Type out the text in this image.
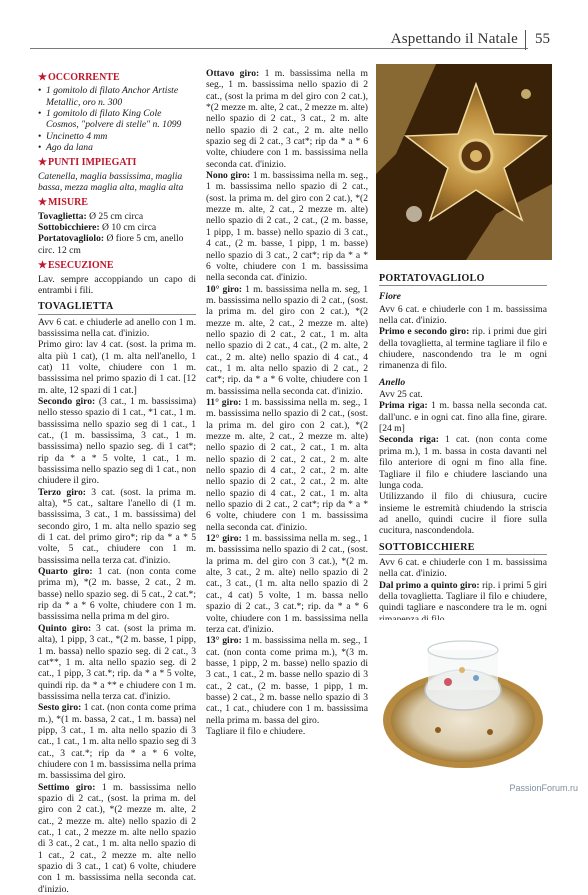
Aspettando il Natale 55
★OCCORRENTE
• 1 gomitolo di filato Anchor Artiste Metallic, oro n. 300
• 1 gomitolo di filato King Cole Cosmos, "polvere di stelle" n. 1099
• Uncinetto 4 mm
• Ago da lana
★PUNTI IMPIEGATI
Catenella, maglia bassissima, maglia bassa, mezza maglia alta, maglia alta
★MISURE
Tovaglietta: Ø 25 cm circa
Sottobicchiere: Ø 10 cm circa
Portatovagliolo: Ø fiore 5 cm, anello circ. 12 cm
★ESECUZIONE

Lav. sempre accoppiando un capo di entrambi i fili.

TOVAGLIETTA

Avv 6 cat. e chiuderle ad anello con 1 m. bassissima nella cat. d'inizio.

Primo giro: lav 4 cat. (sost. la prima m. alta più 1 cat), (1 m. alta nell'anello, 1 cat) 11 volte, chiudere con 1 m. bassissima nel primo spazio di 1 cat. [12 m. alte, 12 spazi di 1 cat.]

Secondo giro: (3 cat., 1 m. bassissima) nello stesso spazio di 1 cat., *1 cat., 1 m. bassissima nello spazio seg di 1 cat., 1 cat., (1 m. bassissima, 3 cat., 1 m. bassissima) nello spazio seg. di 1 cat*; rip da * a * 5 volte, 1 cat., 1 m. bassissima nello spazio seg di 1 cat., non chiudere il giro.

Terzo giro: 3 cat. (sost. la prima m. alta), *5 cat., saltare l'anello di (1 m. bassissima, 3 cat., 1 m. bassissima) del secondo giro, 1 m. alta nello spazio seg di 1 cat. del primo giro*; rip da * a * 5 volte, 5 cat., chiudere con 1 m. bassissima nella terza cat. d'inizio.

Quarto giro: 1 cat. (non conta come prima m), *(2 m. basse, 2 cat., 2 m. basse) nello spazio seg. di 5 cat., 2 cat.*; rip da * a * 6 volte, chiudere con 1 m. bassissima nella prima m del giro.

Quinto giro: 3 cat. (sost la prima m. alta), 1 pipp, 3 cat., *(2 m. basse, 1 pipp, 1 m. bassa) nello spazio seg. di 2 cat., 3 cat**, 1 m. alta nello spazio seg. di 2 cat., 1 pipp, 3 cat.*; rip. da * a * 5 volte, quindi rip. da * a ** e chiudere con 1 m. bassissima nella terza cat. d'inizio.

Sesto giro: 1 cat. (non conta come prima m.), *(1 m. bassa, 2 cat., 1 m. bassa) nel pipp, 3 cat., 1 m. alta nello spazio di 3 cat., 1 cat., 1 m. alta nello spazio seg di 3 cat., 3 cat.*; rip da * a * 6 volte, chiudere con 1 m. bassissima nella prima m. bassissima del giro.

Settimo giro: 1 m. bassissima nello spazio di 2 cat., (sost. la prima m. del giro con 2 cat.), *(2 mezze m. alte, 2 cat., 2 mezze m. alte) nello spazio di 2 cat., 1 cat., 2 mezze m. alte nello spazio di 3 cat., 2 cat., 1 m. alta nello spazio di 1 cat., 2 cat., 2 mezze m. alte nello spazio di 3 cat., 1 cat) 6 volte, chiudere con 1 m. bassissima nella seconda cat. d'inizio.

Ottavo giro: 1 m. bassissima nella m seg., 1 m. bassissima nello spazio di 2 cat., (sost la prima m del giro con 2 cat.), *(2 mezze m. alte, 2 cat., 2 mezze m. alte) nello spazio di 2 cat., 3 cat., 2 m. alte nello spazio di 2 cat., 2 m. alte nello spazio seg di 2 cat., 3 cat*; rip da * a * 6 volte, chiudere con 1 m. bassissima nella seconda cat. d'inizio.

Nono giro: 1 m. bassissima nella m. seg., 1 m. bassissima nello spazio di 2 cat., (sost. la prima m. del giro con 2 cat.), *(2 mezze m. alte, 2 cat., 2 mezze m. alte) nello spazio di 2 cat., 2 cat., (2 m. basse, 1 pipp, 1 m. basse) nello spazio di 3 cat., 4 cat., (2 m. basse, 1 pipp, 1 m. basse) nello spazio di 3 cat., 2 cat*; rip da * a * 6 volte, chiudere con 1 m. bassissima nella seconda cat. d'inizio.

10° giro: 1 m. bassissima nella m. seg, 1 m. bassissima nello spazio di 2 cat., (sost. la prima m. del giro con 2 cat.), *(2 mezze m. alte, 2 cat., 2 mezze m. alte) nello spazio di 2 cat., 2 cat., 1 m. alta nello spazio di 2 cat., 4 cat., (2 m. alte, 2 cat., 2 m. alte) nello spazio di 4 cat., 4 cat., 1 m. alta nello spazio di 2 cat., 2 cat*; rip. da * a * 6 volte, chiudere con 1 m. bassissima nella seconda cat. d'inizio.

11° giro: 1 m. bassissima nella m. seg., 1 m. bassissima nello spazio di 2 cat., (sost. la prima m. del giro con 2 cat.), *(2 mezze m. alte, 2 cat., 2 mezze m. alte) nello spazio di 2 cat., 2 cat., 1 m. alta nello spazio di 2 cat., 2 cat., 2 m. alte nello spazio di 4 cat., 2 cat., 2 m. alte nello spazio di 2 cat., 2 cat., 2 m. alte nello spazio di 4 cat., 2 cat., 1 m. alta nello spazio di 2 cat., 2 cat*; rip da * a * 6 volte, chiudere con 1 m. bassissima nella seconda cat. d'inizio.

12° giro: 1 m. bassissima nella m. seg., 1 m. bassissima nello spazio di 2 cat., (sost. la prima m. del giro con 3 cat.), *(2 m. alte, 3 cat., 2 m. alte) nello spazio di 2 cat., 3 cat., (1 m. alta nello spazio di 2 cat., 4 cat) 5 volte, 1 m. bassa nello spazio di 2 cat., 3 cat.*; rip. da * a * 6 volte, chiudere con 1 m. bassissima nella terza cat. d'inizio.

13° giro: 1 m. bassissima nella m. seg., 1 cat. (non conta come prima m.), *(3 m. basse, 1 pipp, 2 m. basse) nello spazio di 3 cat., 1 cat., 2 m. basse nello spazio di 3 cat., 2 cat., (2 m. basse, 1 pipp, 1 m. basse) 2 cat., 2 m. basse nello spazio di 3 cat., 1 cat., chiudere con 1 m. bassissima nella prima m. bassa del giro.

Tagliare il filo e chiudere.

PORTATOVAGLIOLO
Fiore

Avv 6 cat. e chiuderle con 1 m. bassissima nella cat. d'inizio.

Primo e secondo giro: rip. i primi due giri della tovaglietta, al termine tagliare il filo e chiudere, nascondendo tra le m ogni rimanenza di filo.

Anello

Avv 25 cat.

Prima riga: 1 m. bassa nella seconda cat. dall'unc. e in ogni cat. fino alla fine, girare. [24 m]

Seconda riga: 1 cat. (non conta come prima m.), 1 m. bassa in costa davanti nel filo anteriore di ogni m fino alla fine. Tagliare il filo e chiudere lasciando una lunga coda.

Utilizzando il filo di chiusura, cucire insieme le estremità chiudendo la striscia ad anello, quindi cucire il fiore sulla cucitura, nascondendola.

SOTTOBICCHIERE

Avv 6 cat. e chiuderle con 1 m. bassissima nella cat. d'inizio.

Dal primo a quinto giro: rip. i primi 5 giri della tovaglietta. Tagliare il filo e chiudere, quindi tagliare e nascondere tra le m. ogni

PassionForum.ru
